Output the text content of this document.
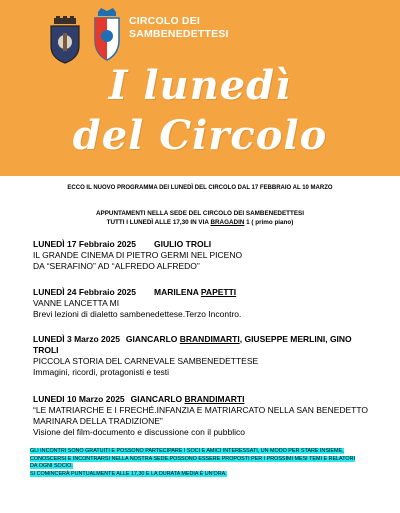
CIRCOLO DEI
SAMBENEDETTESI
I lunedì
del Circolo
ECCO IL NUOVO PROGRAMMA DEI LUNEDÌ DEL CIRCOLO DAL 17 FEBBRAIO AL 10 MARZO
APPUNTAMENTI NELLA SEDE DEL CIRCOLO DEI SAMBENEDETTESI
TUTTI I LUNEDÌ ALLE 17,30 IN VIA BRAGADIN 1 ( primo piano)
LUNEDÌ 17 Febbraio 2025 GIULIO TROLI
IL GRANDE CINEMA DI PIETRO GERMI NEL PICENO
DA “SERAFINO” AD “ALFREDO ALFREDO”
LUNEDÌ 24 Febbraio 2025 MARILENA PAPETTI
VANNE LANCETTA MI
Brevi lezioni di dialetto sambenedettese.Terzo Incontro.
LUNEDÌ 3 Marzo 2025 GIANCARLO BRANDIMARTI, GIUSEPPE MERLINI, GINO
TROLI
PICCOLA STORIA DEL CARNEVALE SAMBENEDETTESE
Immagini, ricordi, protagonisti e testi
LUNEDI 10 Marzo 2025 GIANCARLO BRANDIMARTI
“LE MATRIARCHE E I FRECHÉ.INFANZIA E MATRIARCATO NELLA SAN BENEDETTO
MARINARA DELLA TRADIZIONE”
Visione del film-documento e discussione con il pubblico
GLI INCONTRI SONO GRATUITI E POSSONO PARTECIPARE I SOCI E AMICI INTERESSATI, UN MODO PER STARE INSIEME,
CONOSCERSI E INCONTRARSI NELLA NOSTRA SEDE.POSSONO ESSERE PROPOSTI PER I PROSSIMI MESI TEMI E RELATORI
DA OGNI SOCIO.
SI COMINCERÀ PUNTUALMENTE ALLE 17,30 E LA DURATA MEDIA È UN'ORA.
